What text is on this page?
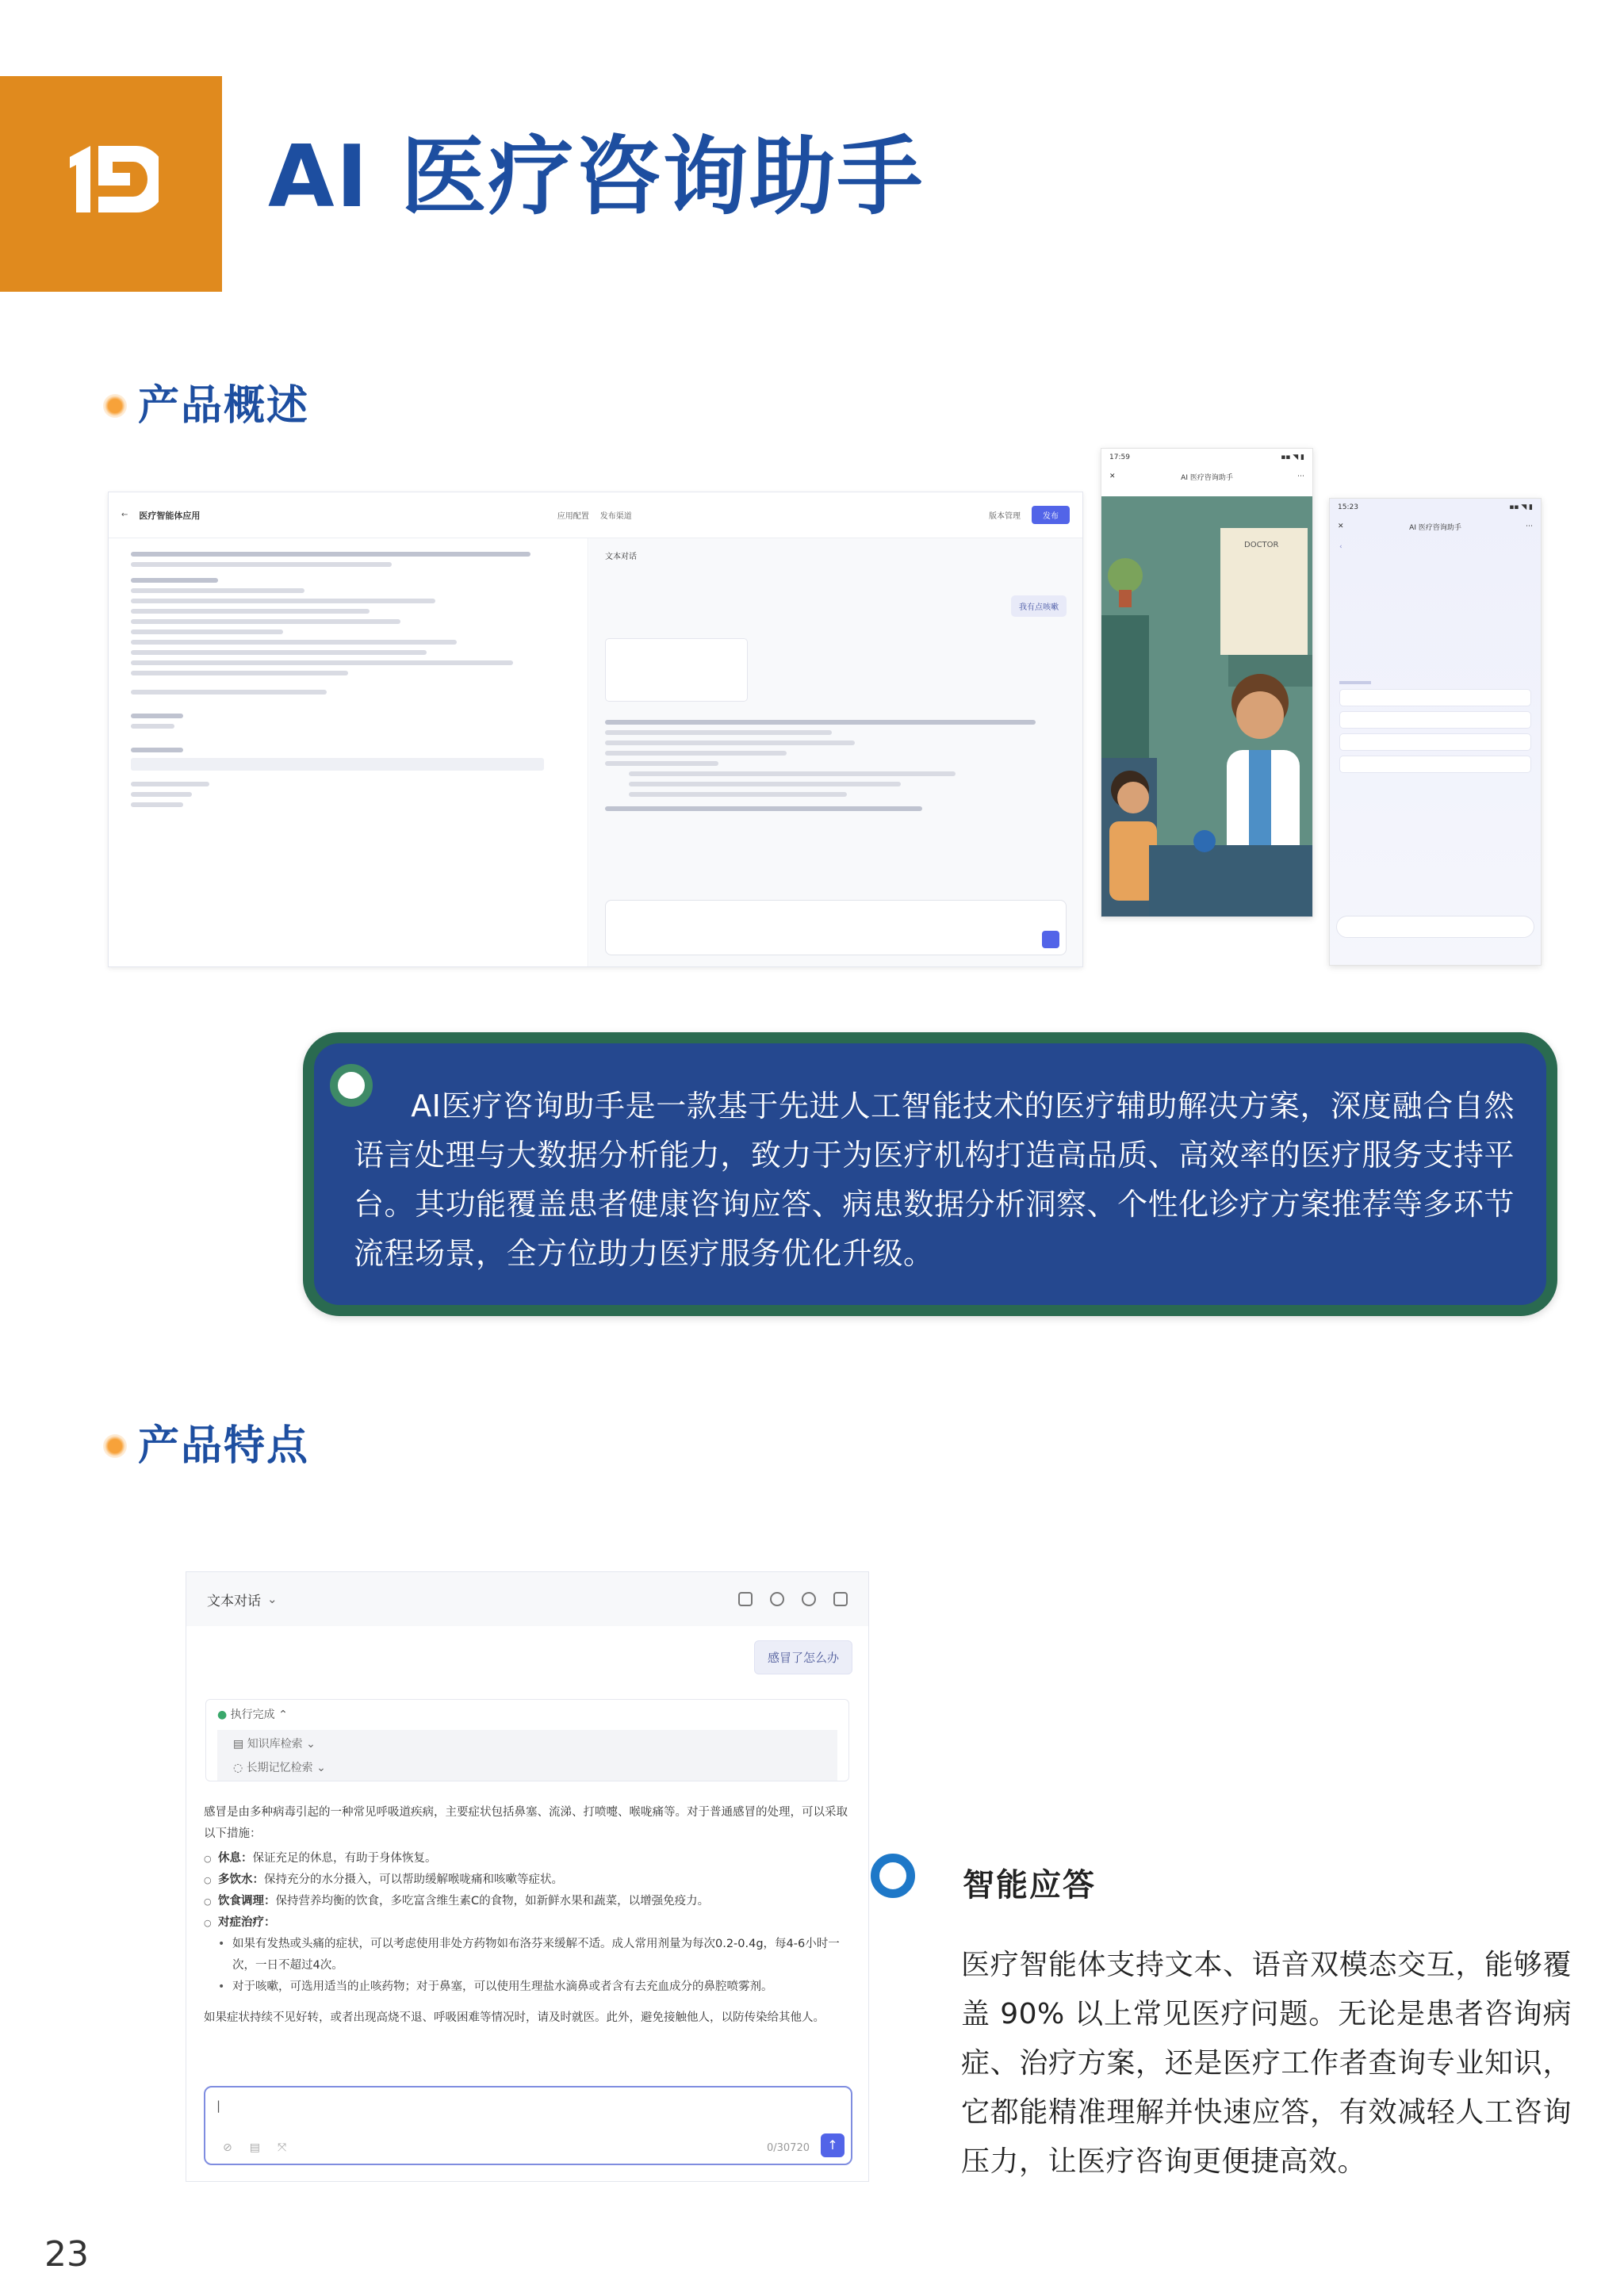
AI 医疗咨询助手
产品概述
← 医疗智能体应用	应用配置 发布渠道	版本管理	发布
文本对话
我有点咳嗽
17:59	▪▪ ◥ ▮
✕	AI 医疗咨询助手	⋯
DOCTOR
15:23	▪▪ ◥ ▮
✕	AI 医疗咨询助手	⋯
‹

AI医疗咨询助手是一款基于先进人工智能技术的医疗辅助解决方案，深度融合自然语言处理与大数据分析能力，致力于为医疗机构打造高品质、高效率的医疗服务支持平台。其功能覆盖患者健康咨询应答、病患数据分析洞察、个性化诊疗方案推荐等多环节流程场景，全方位助力医疗服务优化升级。

产品特点
文本对话 ⌄
感冒了怎么办
● 执行完成 ⌃
▤ 知识库检索 ⌄
◌ 长期记忆检索 ⌄

感冒是由多种病毒引起的一种常见呼吸道疾病，主要症状包括鼻塞、流涕、打喷嚏、喉咙痛等。对于普通感冒的处理，可以采取以下措施：

○ 休息：保证充足的休息，有助于身体恢复。
○ 多饮水：保持充分的水分摄入，可以帮助缓解喉咙痛和咳嗽等症状。
○ 饮食调理：保持营养均衡的饮食，多吃富含维生素C的食物，如新鲜水果和蔬菜，以增强免疫力。
○ 对症治疗：
• 如果有发热或头痛的症状，可以考虑使用非处方药物如布洛芬来缓解不适。成人常用剂量为每次0.2-0.4g，每4-6小时一次，一日不超过4次。
• 对于咳嗽，可选用适当的止咳药物；对于鼻塞，可以使用生理盐水滴鼻或者含有去充血成分的鼻腔喷雾剂。

如果症状持续不见好转，或者出现高烧不退、呼吸困难等情况时，请及时就医。此外，避免接触他人，以防传染给其他人。

|
⊘▤⤧	0/30720	↑
智能应答

医疗智能体支持文本、语音双模态交互，能够覆盖 90% 以上常见医疗问题。无论是患者咨询病症、治疗方案，还是医疗工作者查询专业知识，它都能精准理解并快速应答，有效减轻人工咨询压力，让医疗咨询更便捷高效。

23
